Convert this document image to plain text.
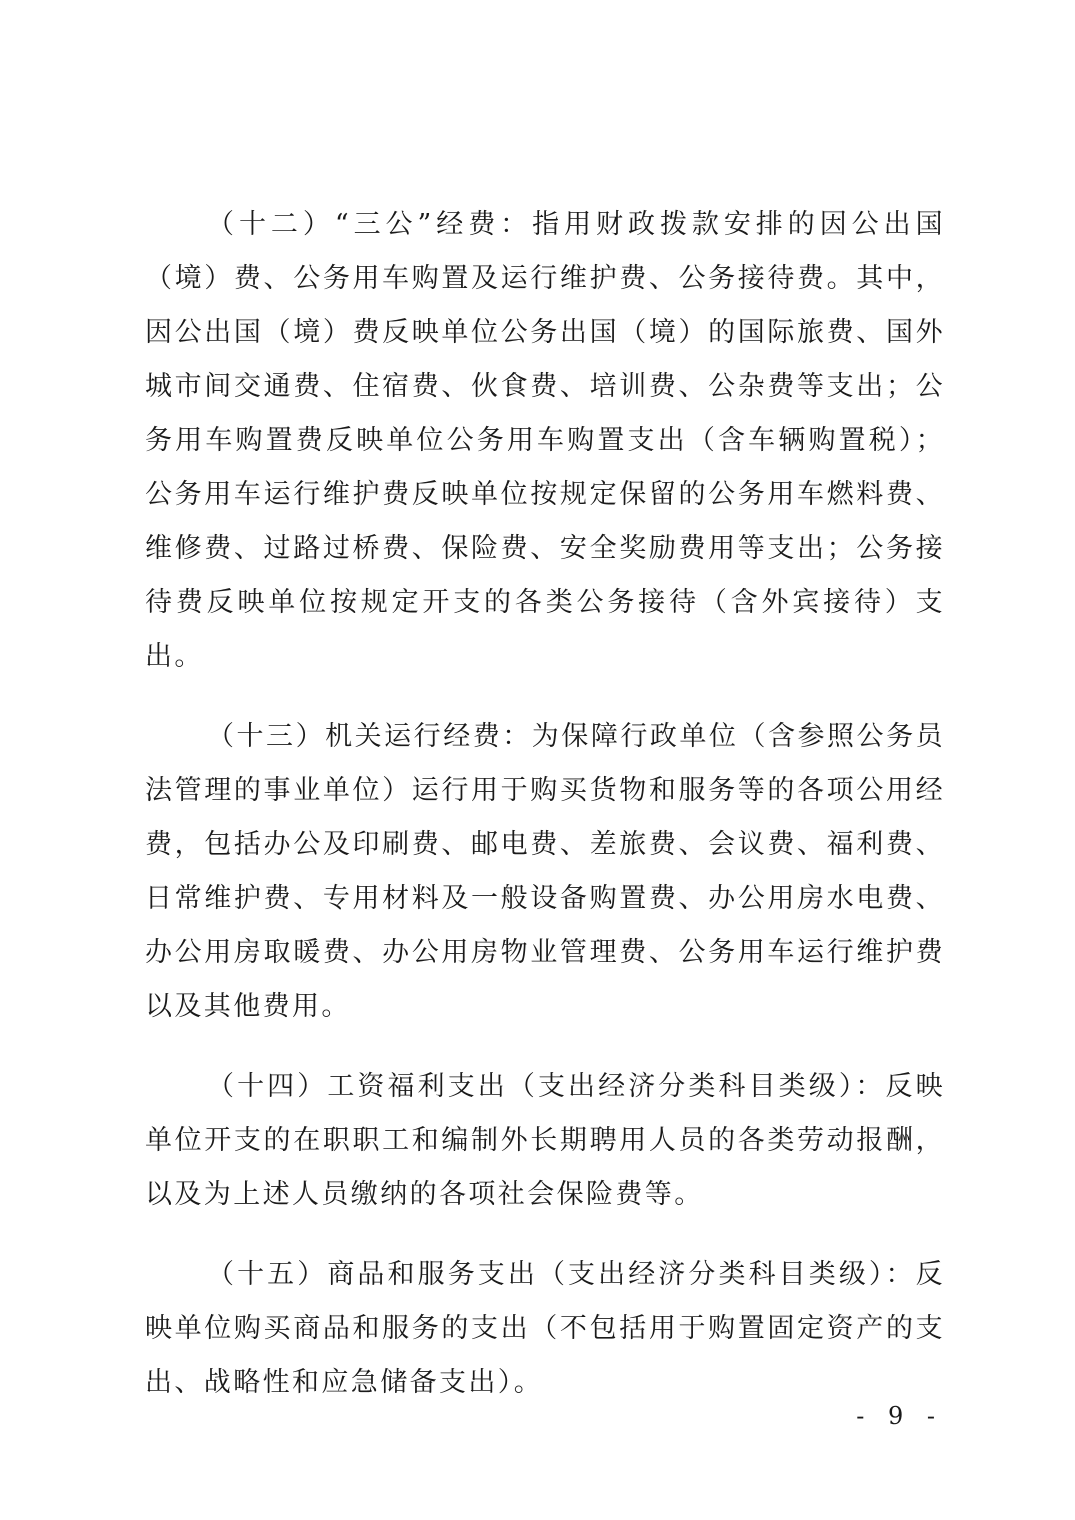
（十二）“三公”经费：指用财政拨款安排的因公出国（境）费、公务用车购置及运行维护费、公务接待费。其中，因公出国（境）费反映单位公务出国（境）的国际旅费、国外城市间交通费、住宿费、伙食费、培训费、公杂费等支出；公务用车购置费反映单位公务用车购置支出（含车辆购置税）；公务用车运行维护费反映单位按规定保留的公务用车燃料费、维修费、过路过桥费、保险费、安全奖励费用等支出；公务接待费反映单位按规定开支的各类公务接待（含外宾接待）支出。

（十三）机关运行经费：为保障行政单位（含参照公务员法管理的事业单位）运行用于购买货物和服务等的各项公用经费，包括办公及印刷费、邮电费、差旅费、会议费、福利费、日常维护费、专用材料及一般设备购置费、办公用房水电费、办公用房取暖费、办公用房物业管理费、公务用车运行维护费以及其他费用。

（十四）工资福利支出（支出经济分类科目类级）：反映单位开支的在职职工和编制外长期聘用人员的各类劳动报酬，以及为上述人员缴纳的各项社会保险费等。

（十五）商品和服务支出（支出经济分类科目类级）：反映单位购买商品和服务的支出（不包括用于购置固定资产的支出、战略性和应急储备支出）。

- 9 -
